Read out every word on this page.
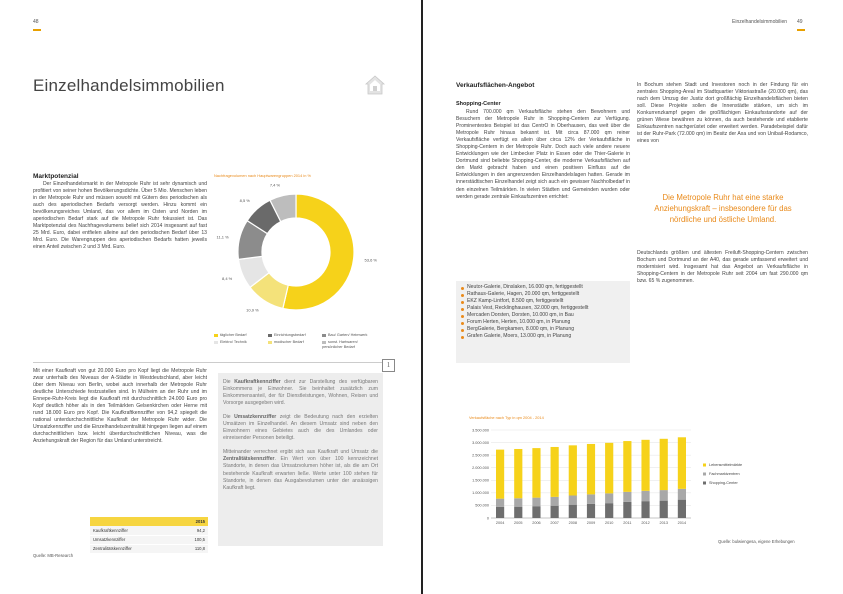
48
Einzelhandelsimmobilien
Marktpotenzial

Der Einzelhandelsmarkt in der Metropole Ruhr ist sehr dynamisch und profitiert von seiner hohen Bevölkerungsdichte. Über 5 Mio. Menschen leben in der Metropole Ruhr und müssen sowohl mit Gütern des periodischen als auch des aperiodischen Bedarfs versorgt werden. Hinzu kommt ein bevölkerungsreiches Umland, das vor allem im Osten und Norden im aperiodischen Bedarf stark auf die Metropole Ruhr fokussiert ist. Das Marktpotenzial des Nachfragevolumens belief sich 2014 insgesamt auf fast 25 Mrd. Euro, dabei entfielen alleine auf den periodischen Bedarf über 13 Mrd. Euro. Die Warengruppen des aperiodischen Bedarfs hatten jeweils einen Anteil zwischen 2 und 3 Mrd. Euro.

Nachfragevolumen nach Hauptwarengruppen 2014 in %
53,6 %
10,9 %
8,4 %
11,1 %
8,5 %
7,4 %
täglicher Bedarf
Elektro/ Technik
Einrichtungsbedarf
modischer Bedarf
Bau/ Garten/ Heimwerk
sonst. Hartwaren/ persönlicher Bedarf

Mit einer Kaufkraft von gut 20.000 Euro pro Kopf liegt die Metropole Ruhr zwar unterhalb des Niveaus der A-Städte in Westdeutschland, aber leicht über dem Niveau von Berlin, wobei auch innerhalb der Metropole Ruhr deutliche Unterschiede festzustellen sind. In Mülheim an der Ruhr und im Ennepe-Ruhr-Kreis liegt die Kaufkraft mit durchschnittlich 24.000 Euro pro Kopf deutlich höher als in den Teilmärkten Gelsenkirchen oder Herne mit rund 18.000 Euro pro Kopf. Die Kaufkraftkennziffer von 94,2 spiegelt die national unterdurchschnittliche Kaufkraft der Metropole Ruhr wider. Die Umsatzkennziffer und die Einzelhandelszentralität hingegen liegen auf einem durchschnittlichen bzw. leicht überdurchschnittlichen Niveau, was die Anziehungskraft der Region für das Umland unterstreicht.

	2015
Kaufkraftkennziffer	94,2
Umsatzkennziffer	100,5
Zentralitätskennziffer	110,8
Quelle: MB-Research

Die Kaufkraftkennziffer dient zur Darstellung des verfügbaren Einkommens je Einwohner. Sie beinhaltet zusätzlich zum Einkommensanteil, der für Dienstleistungen, Wohnen, Reisen und Vorsorge ausgegeben wird.

Die Umsatzkennziffer zeigt die Bedeutung nach den erzielten Umsätzen im Einzelhandel. An diesem Umsatz sind neben den Einwohnern eines Gebietes auch die des Umlandes oder einreisender Personen beteiligt.

Mitteinander verrechnet ergibt sich aus Kaufkraft und Umsatz die Zentralitätskennziffer. Ein Wert von über 100 kennzeichnet Standorte, in denen das Umsatzvolumen höher ist, als die am Ort bestehende Kaufkraft erwarten ließe. Werte unter 100 stehen für Standorte, in denen das Ausgabevolumen unter der ansässigen Kaufkraft liegt.

1
Einzelhandelsimmobilien 49
Verkaufsflächen-Angebot
Shopping-Center

Rund 700.000 qm Verkaufsfläche stehen den Bewohnern und Besuchern der Metropole Ruhr in Shopping-Centern zur Verfügung. Prominentestes Beispiel ist das CentrO in Oberhausen, das weit über die Metropole Ruhr hinaus bekannt ist. Mit circa 87.000 qm reiner Verkaufsfläche verfügt es allein über circa 12% der Verkaufsfläche in Shopping-Centern in der Metropole Ruhr. Doch auch viele andere neuere Entwicklungen wie der Limbecker Platz in Essen oder die Thier-Galerie in Dortmund sind beliebte Shopping-Center, die moderne Verkaufsflächen auf den Markt gebracht haben und einen positiven Einfluss auf die Entwicklungen in den angrenzenden Einzelhandelslagen hatten. Gerade im innerstädtischen Einzelhandel zeigt sich auch ein gewisser Nachholbedarf in den einzelnen Teilmärkten. In vielen Städten und Gemeinden wurden oder werden gerade zentrale Einkaufszentren errichtet:

Neutor-Galerie, Dinslaken, 16.000 qm, fertiggestellt
Rathaus-Galerie, Hagen, 20.000 qm, fertiggestellt
EKZ Kamp-Lintfort, 8.500 qm, fertiggestellt
Palais Vest, Recklinghausen, 32.000 qm, fertiggestellt
Mercaden Dorsten, Dorsten, 10.000 qm, in Bau
Forum Herten, Herten, 10.000 qm, in Planung
BergGalerie, Bergkamen, 8.000 qm, in Planung
Grafen Galerie, Moers, 13.000 qm, in Planung

In Bochum stehen Stadt und Investoren noch in der Findung für ein zentrales Shopping-Areal im Stadtquartier Viktoriastraße (20.000 qm), das nach dem Umzug der Justiz dort großflächig Einzelhandelsflächen bieten soll. Diese Projekte sollen die Innenstädte stärken, um sich im Konkurrenzkampf gegen die großflächigen Einkaufsstandorte auf der grünen Wiese bewähren zu können, da auch bestehende und etablierte Einkaufszentren nachgerüstet oder erweitert werden. Paradebeispiel dafür ist der Ruhr-Park (72.000 qm) im Besitz der Axa und von Unibail-Rodamco, eines von

Die Metropole Ruhr hat eine starke Anziehungskraft – insbesondere für das nördliche und östliche Umland.

Deutschlands größten und ältesten Freiluft-Shopping-Centern zwischen Bochum und Dortmund an der A40, das gerade umfassend erweitert und modernisiert wird. Insgesamt hat das Angebot an Verkaufsfläche in Shopping-Centern in der Metropole Ruhr seit 2004 um fast 290.000 qm bzw. 65 % zugenommen.

Verkaufsfläche nach Typ in qm 2004 - 2014
0
500.000
1.000.000
1.500.000
2.000.000
2.500.000
3.000.000
3.500.000
2004	2005	2006	2007	2008	2009	2010	2011	2012	2013	2014
Lebensmittelmärkte
Fachmarktzentren
Shopping-Center
Quelle: bulwiengesa, eigene Erhebungen
